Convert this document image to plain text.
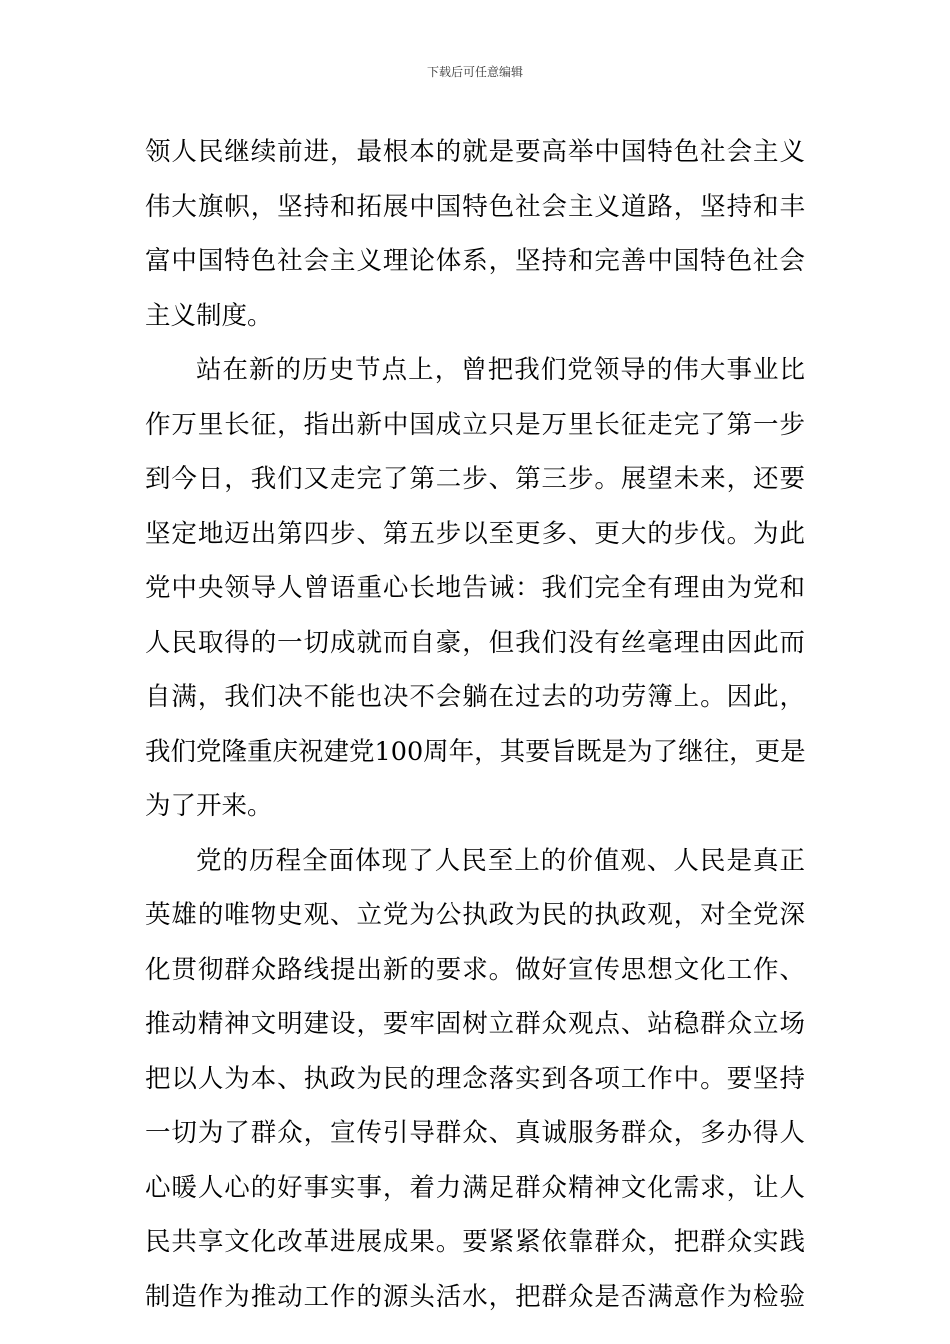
下载后可任意编辑
领人民继续前进，最根本的就是要高举中国特色社会主义
伟大旗帜，坚持和拓展中国特色社会主义道路，坚持和丰
富中国特色社会主义理论体系，坚持和完善中国特色社会
主义制度。
站在新的历史节点上，曾把我们党领导的伟大事业比
作万里长征，指出新中国成立只是万里长征走完了第一步
到今日，我们又走完了第二步、第三步。展望未来，还要
坚定地迈出第四步、第五步以至更多、更大的步伐。为此
党中央领导人曾语重心长地告诫：我们完全有理由为党和
人民取得的一切成就而自豪，但我们没有丝毫理由因此而
自满，我们决不能也决不会躺在过去的功劳簿上。因此，
我们党隆重庆祝建党100周年，其要旨既是为了继往，更是
为了开来。
党的历程全面体现了人民至上的价值观、人民是真正
英雄的唯物史观、立党为公执政为民的执政观，对全党深
化贯彻群众路线提出新的要求。做好宣传思想文化工作、
推动精神文明建设，要牢固树立群众观点、站稳群众立场
把以人为本、执政为民的理念落实到各项工作中。要坚持
一切为了群众，宣传引导群众、真诚服务群众，多办得人
心暖人心的好事实事，着力满足群众精神文化需求，让人
民共享文化改革进展成果。要紧紧依靠群众，把群众实践
制造作为推动工作的源头活水，把群众是否满意作为检验
